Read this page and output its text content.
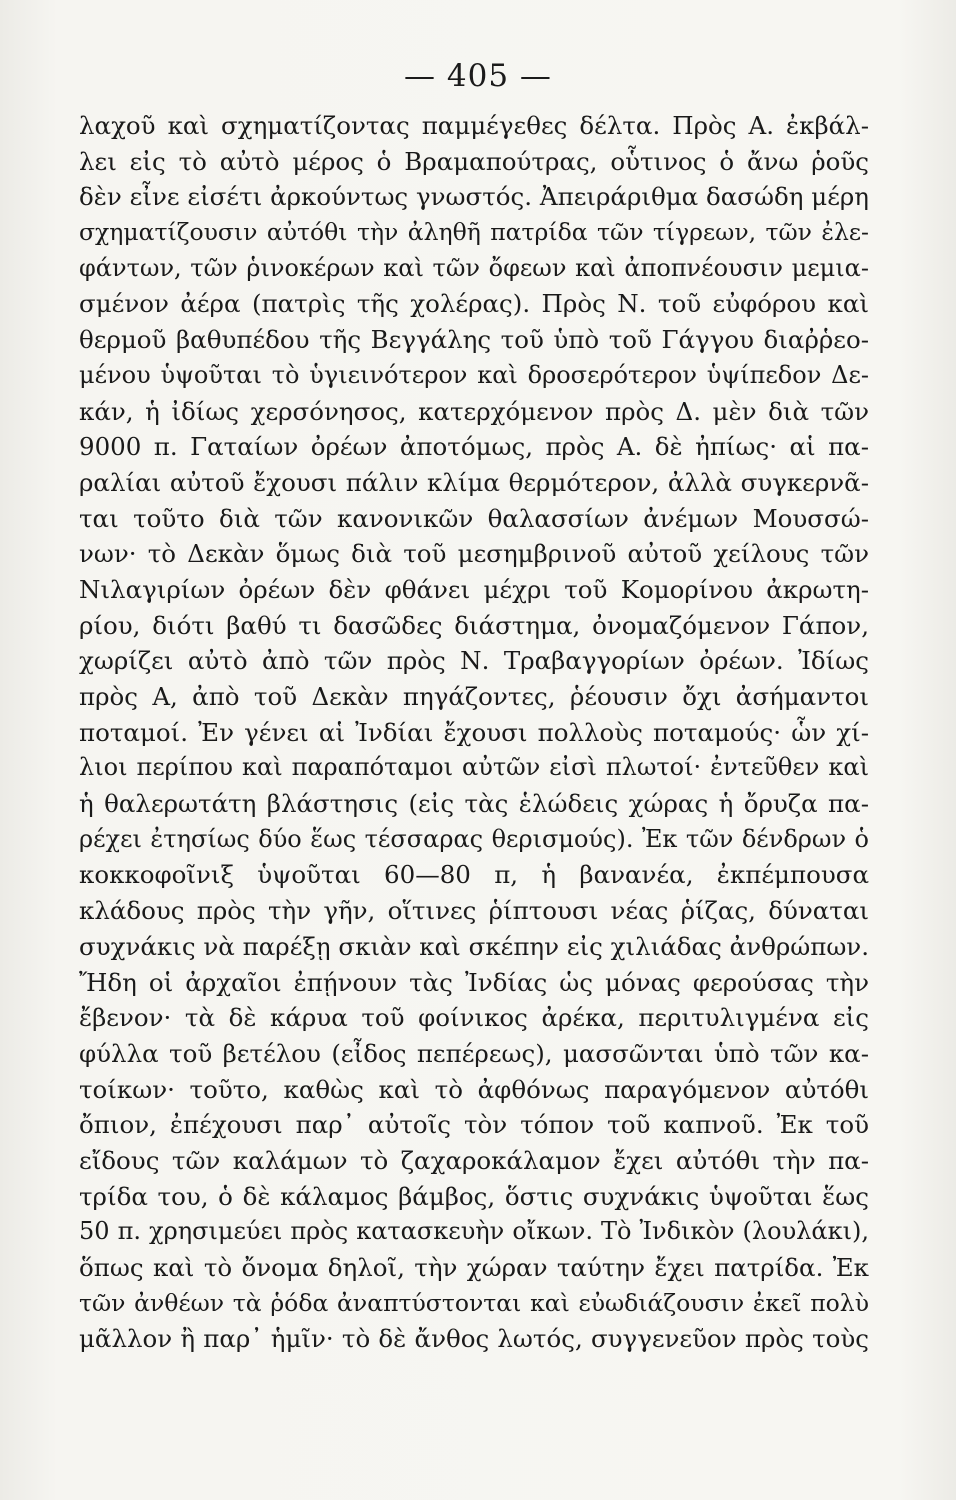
— 405 —
λαχοῦ καὶ σχηματίζοντας παμμέγεθες δέλτα. Πρὸς Α. ἐκβάλ-
λει εἰς τὸ αὐτὸ μέρος ὁ Βραμαπούτρας, οὗτινος ὁ ἄνω ῥοῦς
δὲν εἶνε εἰσέτι ἀρκούντως γνωστός. Ἀπειράριθμα δασώδη μέρη
σχηματίζουσιν αὐτόθι τὴν ἀληθῆ πατρίδα τῶν τίγρεων, τῶν ἐλε-
φάντων, τῶν ῥινοκέρων καὶ τῶν ὄφεων καὶ ἀποπνέουσιν μεμια-
σμένον ἀέρα (πατρὶς τῆς χολέρας). Πρὸς Ν. τοῦ εὐφόρου καὶ
θερμοῦ βαθυπέδου τῆς Βεγγάλης τοῦ ὑπὸ τοῦ Γάγγου διαῤῥεο-
μένου ὑψοῦται τὸ ὑγιεινότερον καὶ δροσερότερον ὑψίπεδον Δε-
κάν, ἡ ἰδίως χερσόνησος, κατερχόμενον πρὸς Δ. μὲν διὰ τῶν
9000 π. Γαταίων ὀρέων ἀποτόμως, πρὸς Α. δὲ ἠπίως· αἱ πα-
ραλίαι αὐτοῦ ἔχουσι πάλιν κλίμα θερμότερον, ἀλλὰ συγκερνᾶ-
ται τοῦτο διὰ τῶν κανονικῶν θαλασσίων ἀνέμων Μουσσώ-
νων· τὸ Δεκὰν ὅμως διὰ τοῦ μεσημβρινοῦ αὐτοῦ χείλους τῶν
Νιλαγιρίων ὀρέων δὲν φθάνει μέχρι τοῦ Κομορίνου ἀκρωτη-
ρίου, διότι βαθύ τι δασῶδες διάστημα, ὀνομαζόμενον Γάπον,
χωρίζει αὐτὸ ἀπὸ τῶν πρὸς Ν. Τραβαγγορίων ὀρέων. Ἰδίως
πρὸς Α, ἀπὸ τοῦ Δεκὰν πηγάζοντες, ῥέουσιν ὄχι ἀσήμαντοι
ποταμοί. Ἐν γένει αἱ Ἰνδίαι ἔχουσι πολλοὺς ποταμούς· ὧν χί-
λιοι περίπου καὶ παραπόταμοι αὐτῶν εἰσὶ πλωτοί· ἐντεῦθεν καὶ
ἡ θαλερωτάτη βλάστησις (εἰς τὰς ἑλώδεις χώρας ἡ ὄρυζα πα-
ρέχει ἐτησίως δύο ἕως τέσσαρας θερισμούς). Ἐκ τῶν δένδρων ὁ
κοκκοφοῖνιξ ὑψοῦται 60—80 π, ἡ βανανέα, ἐκπέμπουσα
κλάδους πρὸς τὴν γῆν, οἵτινες ῥίπτουσι νέας ῥίζας, δύναται
συχνάκις νὰ παρέξῃ σκιὰν καὶ σκέπην εἰς χιλιάδας ἀνθρώπων.
Ἤδη οἱ ἀρχαῖοι ἐπῄνουν τὰς Ἰνδίας ὡς μόνας φερούσας τὴν
ἔβενον· τὰ δὲ κάρυα τοῦ φοίνικος ἀρέκα, περιτυλιγμένα εἰς
φύλλα τοῦ βετέλου (εἶδος πεπέρεως), μασσῶνται ὑπὸ τῶν κα-
τοίκων· τοῦτο, καθὼς καὶ τὸ ἀφθόνως παραγόμενον αὐτόθι
ὄπιον, ἐπέχουσι παρ᾿ αὐτοῖς τὸν τόπον τοῦ καπνοῦ. Ἐκ τοῦ
εἴδους τῶν καλάμων τὸ ζαχαροκάλαμον ἔχει αὐτόθι τὴν πα-
τρίδα του, ὁ δὲ κάλαμος βάμβος, ὅστις συχνάκις ὑψοῦται ἕως
50 π. χρησιμεύει πρὸς κατασκευὴν οἴκων. Τὸ Ἰνδικὸν (λουλάκι),
ὅπως καὶ τὸ ὄνομα δηλοῖ, τὴν χώραν ταύτην ἔχει πατρίδα. Ἐκ
τῶν ἀνθέων τὰ ῥόδα ἀναπτύστονται καὶ εὐωδιάζουσιν ἐκεῖ πολὺ
μᾶλλον ἢ παρ᾿ ἡμῖν· τὸ δὲ ἄνθος λωτός, συγγενεῦον πρὸς τοὺς
